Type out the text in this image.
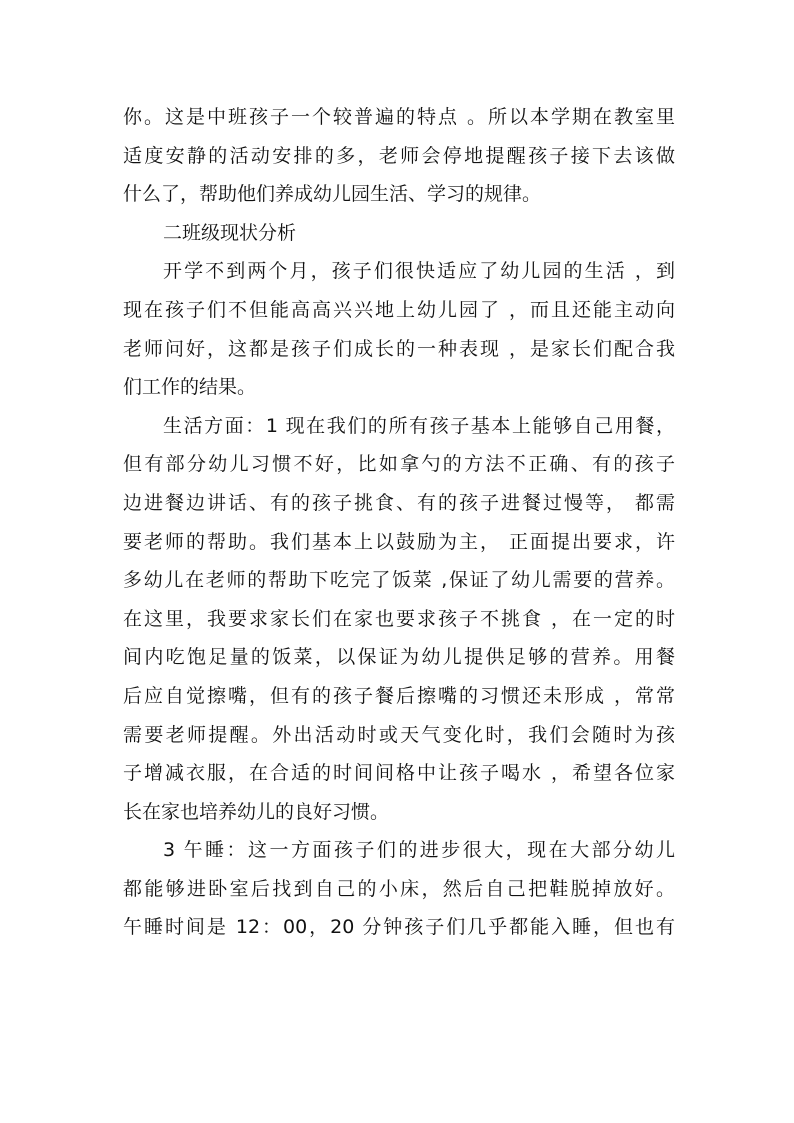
你。这是中班孩子一个较普遍的特点 。所以本学期在教室里
适度安静的活动安排的多，老师会停地提醒孩子接下去该做
什么了，帮助他们养成幼儿园生活、学习的规律。
二班级现状分析
开学不到两个月，孩子们很快适应了幼儿园的生活 ，到
现在孩子们不但能高高兴兴地上幼儿园了 ，而且还能主动向
老师问好，这都是孩子们成长的一种表现 ，是家长们配合我
们工作的结果。
生活方面：1 现在我们的所有孩子基本上能够自己用餐，
但有部分幼儿习惯不好，比如拿勺的方法不正确、有的孩子
边进餐边讲话、有的孩子挑食、有的孩子进餐过慢等， 都需
要老师的帮助。我们基本上以鼓励为主， 正面提出要求，许
多幼儿在老师的帮助下吃完了饭菜 ,保证了幼儿需要的营养。
在这里，我要求家长们在家也要求孩子不挑食 ，在一定的时
间内吃饱足量的饭菜，以保证为幼儿提供足够的营养。用餐
后应自觉擦嘴，但有的孩子餐后擦嘴的习惯还未形成 ，常常
需要老师提醒。外出活动时或天气变化时，我们会随时为孩
子增减衣服，在合适的时间间格中让孩子喝水 ，希望各位家
长在家也培养幼儿的良好习惯。
3 午睡：这一方面孩子们的进步很大，现在大部分幼儿
都能够进卧室后找到自己的小床，然后自己把鞋脱掉放好。
午睡时间是 12：00，20 分钟孩子们几乎都能入睡，但也有
